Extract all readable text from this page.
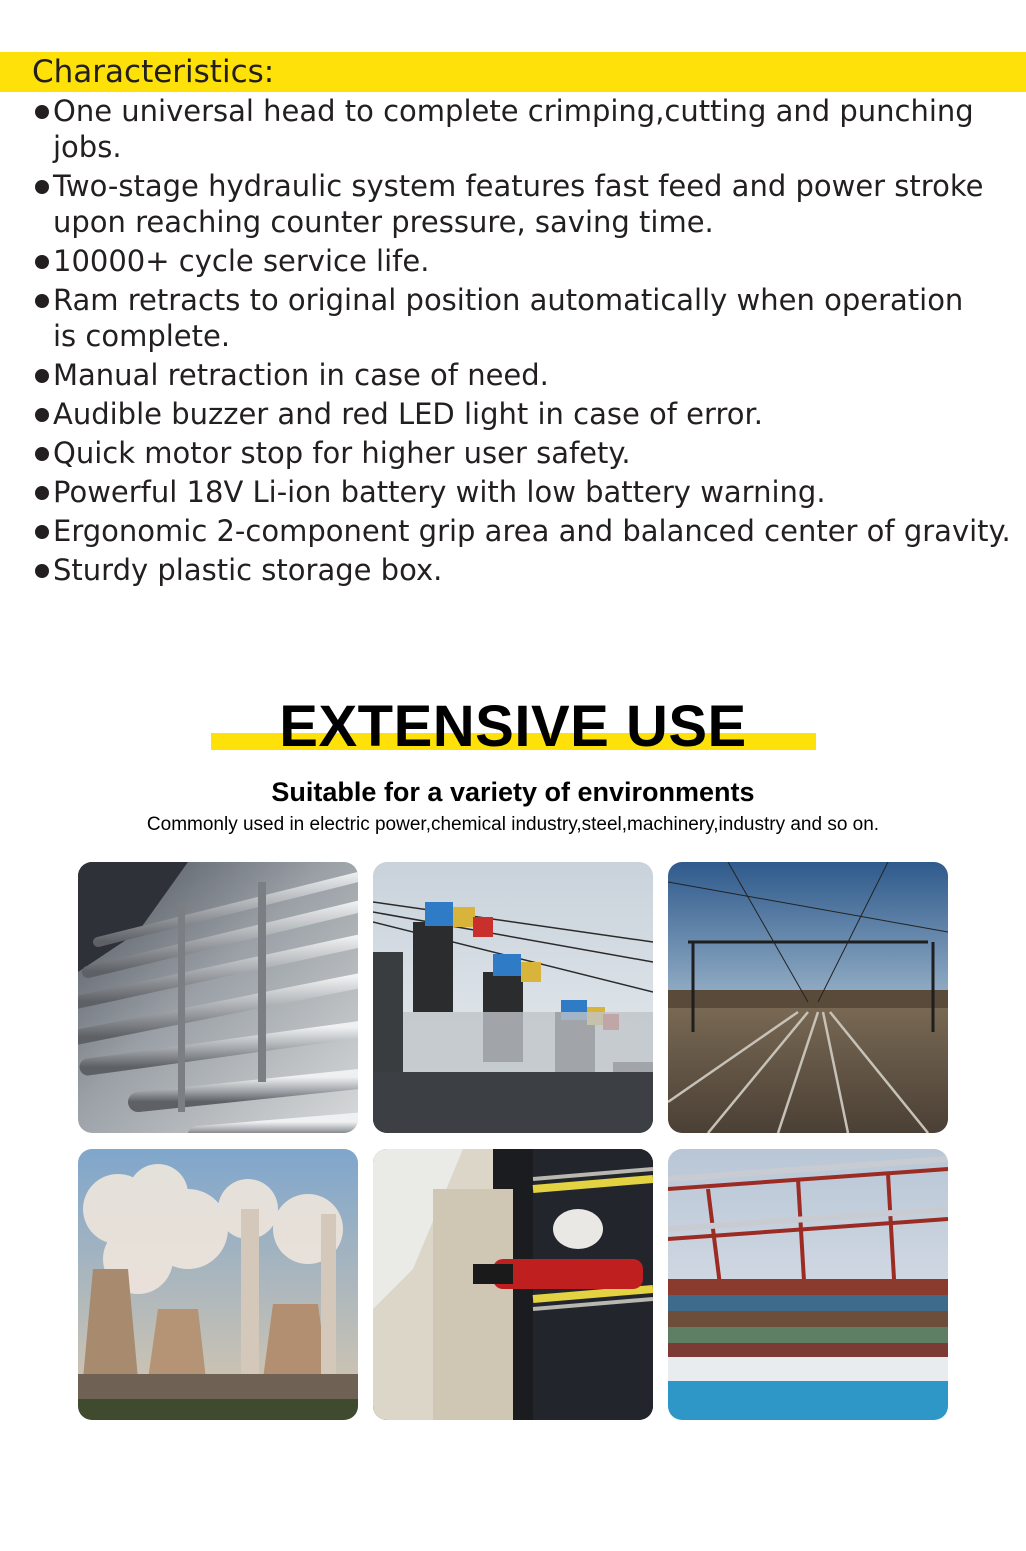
Characteristics:
One universal head to complete crimping,cutting and punching jobs.
Two-stage hydraulic system features fast feed and power stroke
upon reaching counter pressure, saving time.
10000+ cycle service life.
Ram retracts to original position automatically when operation
is complete.
Manual retraction in case of need.
Audible buzzer and red LED light in case of error.
Quick motor stop for higher user safety.
Powerful 18V Li-ion battery with low battery warning.
Ergonomic 2-component grip area and balanced center of gravity.
Sturdy plastic storage box.
EXTENSIVE USE

Suitable for a variety of environments

Commonly used in electric power,chemical industry,steel,machinery,industry and so on.
